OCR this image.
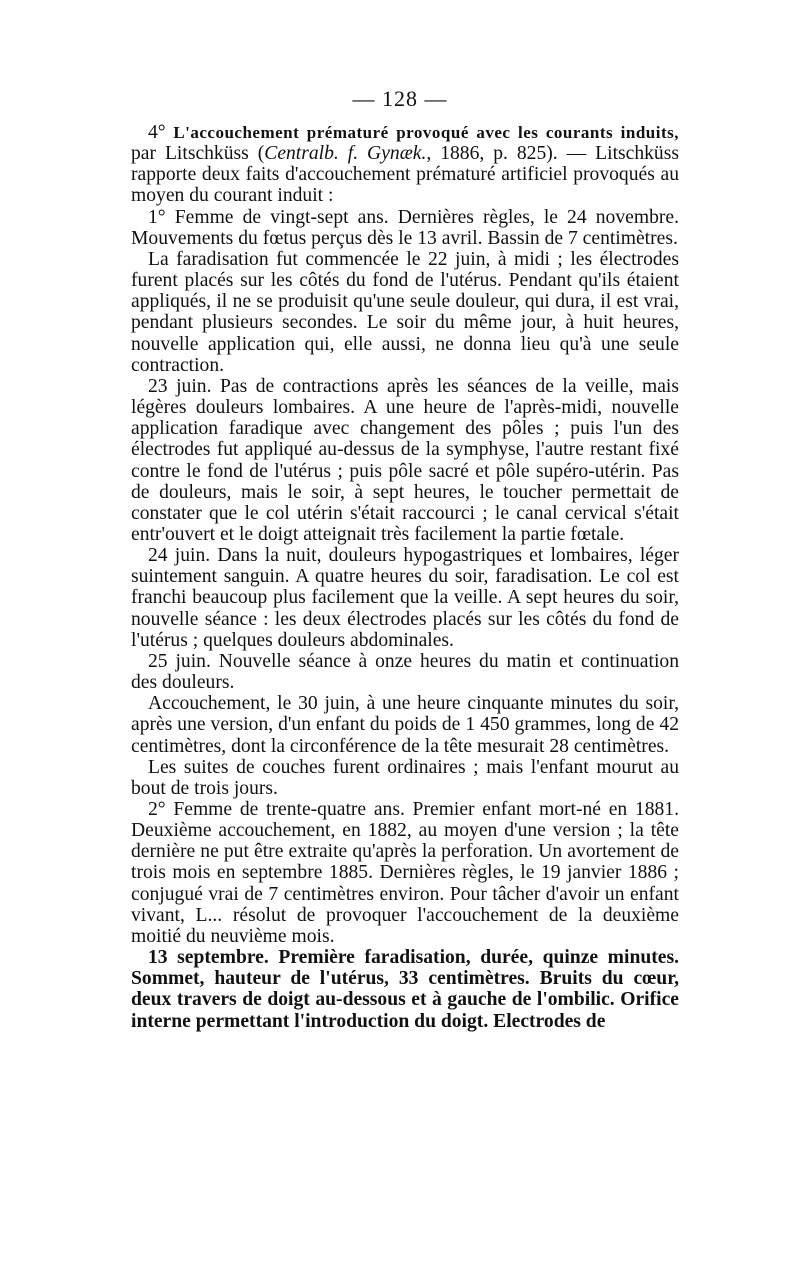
— 128 —

4° L'accouchement prématuré provoqué avec les courants induits, par Litschküss (Centralb. f. Gynæk., 1886, p. 825). — Litschküss rapporte deux faits d'accouchement prématuré artificiel provoqués au moyen du courant induit :

1° Femme de vingt-sept ans. Dernières règles, le 24 novembre. Mouvements du fœtus perçus dès le 13 avril. Bassin de 7 centimètres.

La faradisation fut commencée le 22 juin, à midi ; les électrodes furent placés sur les côtés du fond de l'utérus. Pendant qu'ils étaient appliqués, il ne se produisit qu'une seule douleur, qui dura, il est vrai, pendant plusieurs secondes. Le soir du même jour, à huit heures, nouvelle application qui, elle aussi, ne donna lieu qu'à une seule contraction.

23 juin. Pas de contractions après les séances de la veille, mais légères douleurs lombaires. A une heure de l'après-midi, nouvelle application faradique avec changement des pôles ; puis l'un des électrodes fut appliqué au-dessus de la symphyse, l'autre restant fixé contre le fond de l'utérus ; puis pôle sacré et pôle supéro-utérin. Pas de douleurs, mais le soir, à sept heures, le toucher permettait de constater que le col utérin s'était raccourci ; le canal cervical s'était entr'ouvert et le doigt atteignait très facilement la partie fœtale.

24 juin. Dans la nuit, douleurs hypogastriques et lombaires, léger suintement sanguin. A quatre heures du soir, faradisation. Le col est franchi beaucoup plus facilement que la veille. A sept heures du soir, nouvelle séance : les deux électrodes placés sur les côtés du fond de l'utérus ; quelques douleurs abdominales.

25 juin. Nouvelle séance à onze heures du matin et continuation des douleurs.

Accouchement, le 30 juin, à une heure cinquante minutes du soir, après une version, d'un enfant du poids de 1 450 grammes, long de 42 centimètres, dont la circonférence de la tête mesurait 28 centimètres.

Les suites de couches furent ordinaires ; mais l'enfant mourut au bout de trois jours.

2° Femme de trente-quatre ans. Premier enfant mort-né en 1881. Deuxième accouchement, en 1882, au moyen d'une version ; la tête dernière ne put être extraite qu'après la perforation. Un avortement de trois mois en septembre 1885. Dernières règles, le 19 janvier 1886 ; conjugué vrai de 7 centimètres environ. Pour tâcher d'avoir un enfant vivant, L... résolut de provoquer l'accouchement de la deuxième moitié du neuvième mois.

13 septembre. Première faradisation, durée, quinze minutes. Sommet, hauteur de l'utérus, 33 centimètres. Bruits du cœur, deux travers de doigt au-dessous et à gauche de l'ombilic. Orifice interne permettant l'introduction du doigt. Electrodes de
